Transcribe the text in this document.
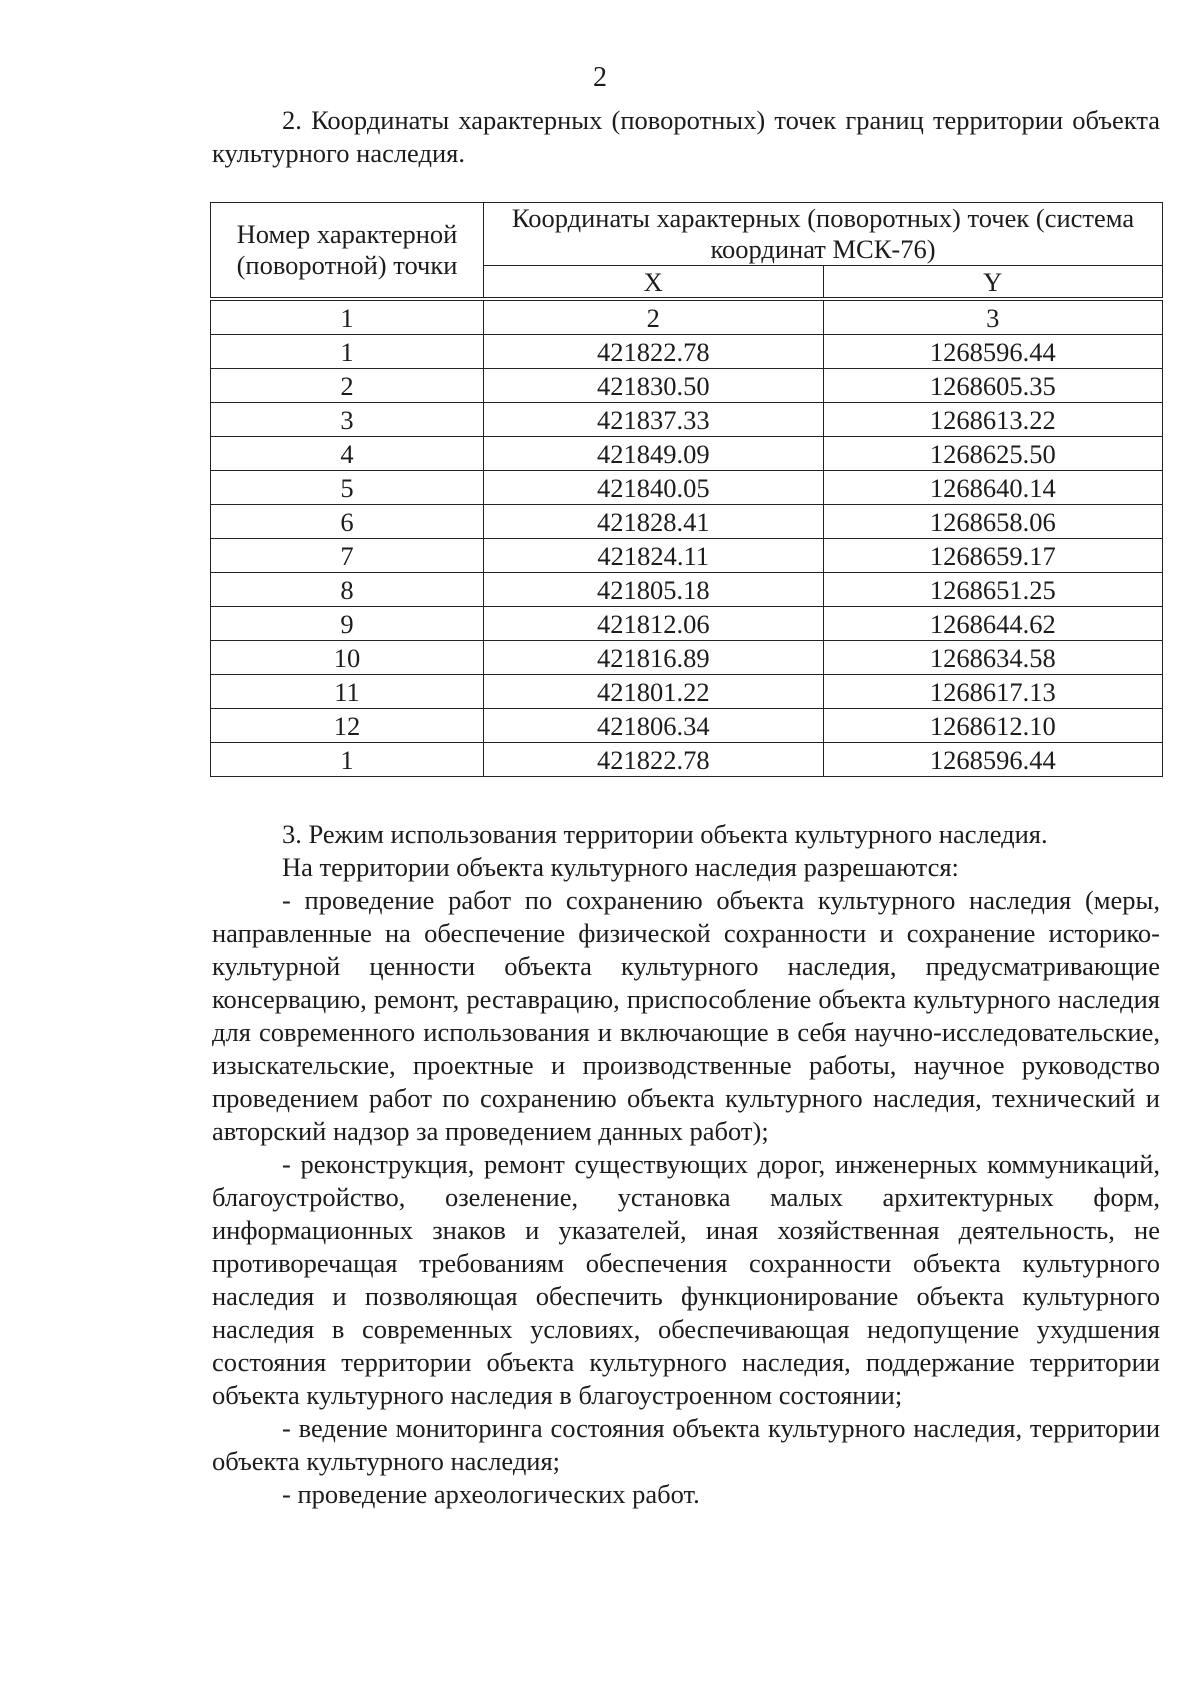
2

2. Координаты характерных (поворотных) точек границ территории объекта культурного наследия.

Номер характерной (поворотной) точки	Координаты характерных (поворотных) точек (система координат МСК-76)	
	X	Y
1	2	3
1	421822.78	1268596.44
2	421830.50	1268605.35
3	421837.33	1268613.22
4	421849.09	1268625.50
5	421840.05	1268640.14
6	421828.41	1268658.06
7	421824.11	1268659.17
8	421805.18	1268651.25
9	421812.06	1268644.62
10	421816.89	1268634.58
11	421801.22	1268617.13
12	421806.34	1268612.10
1	421822.78	1268596.44

3. Режим использования территории объекта культурного наследия.

На территории объекта культурного наследия разрешаются:

- проведение работ по сохранению объекта культурного наследия (меры, направленные на обеспечение физической сохранности и сохранение историко-культурной ценности объекта культурного наследия, предусматривающие консервацию, ремонт, реставрацию, приспособление объекта культурного наследия для современного использования и включающие в себя научно-исследовательские, изыскательские, проектные и производственные работы, научное руководство проведением работ по сохранению объекта культурного наследия, технический и авторский надзор за проведением данных работ);

- реконструкция, ремонт существующих дорог, инженерных коммуникаций, благоустройство, озеленение, установка малых архитектурных форм, информационных знаков и указателей, иная хозяйственная деятельность, не противоречащая требованиям обеспечения сохранности объекта культурного наследия и позволяющая обеспечить функционирование объекта культурного наследия в современных условиях, обеспечивающая недопущение ухудшения состояния территории объекта культурного наследия, поддержание территории объекта культурного наследия в благоустроенном состоянии;

- ведение мониторинга состояния объекта культурного наследия, территории объекта культурного наследия;

- проведение археологических работ.
